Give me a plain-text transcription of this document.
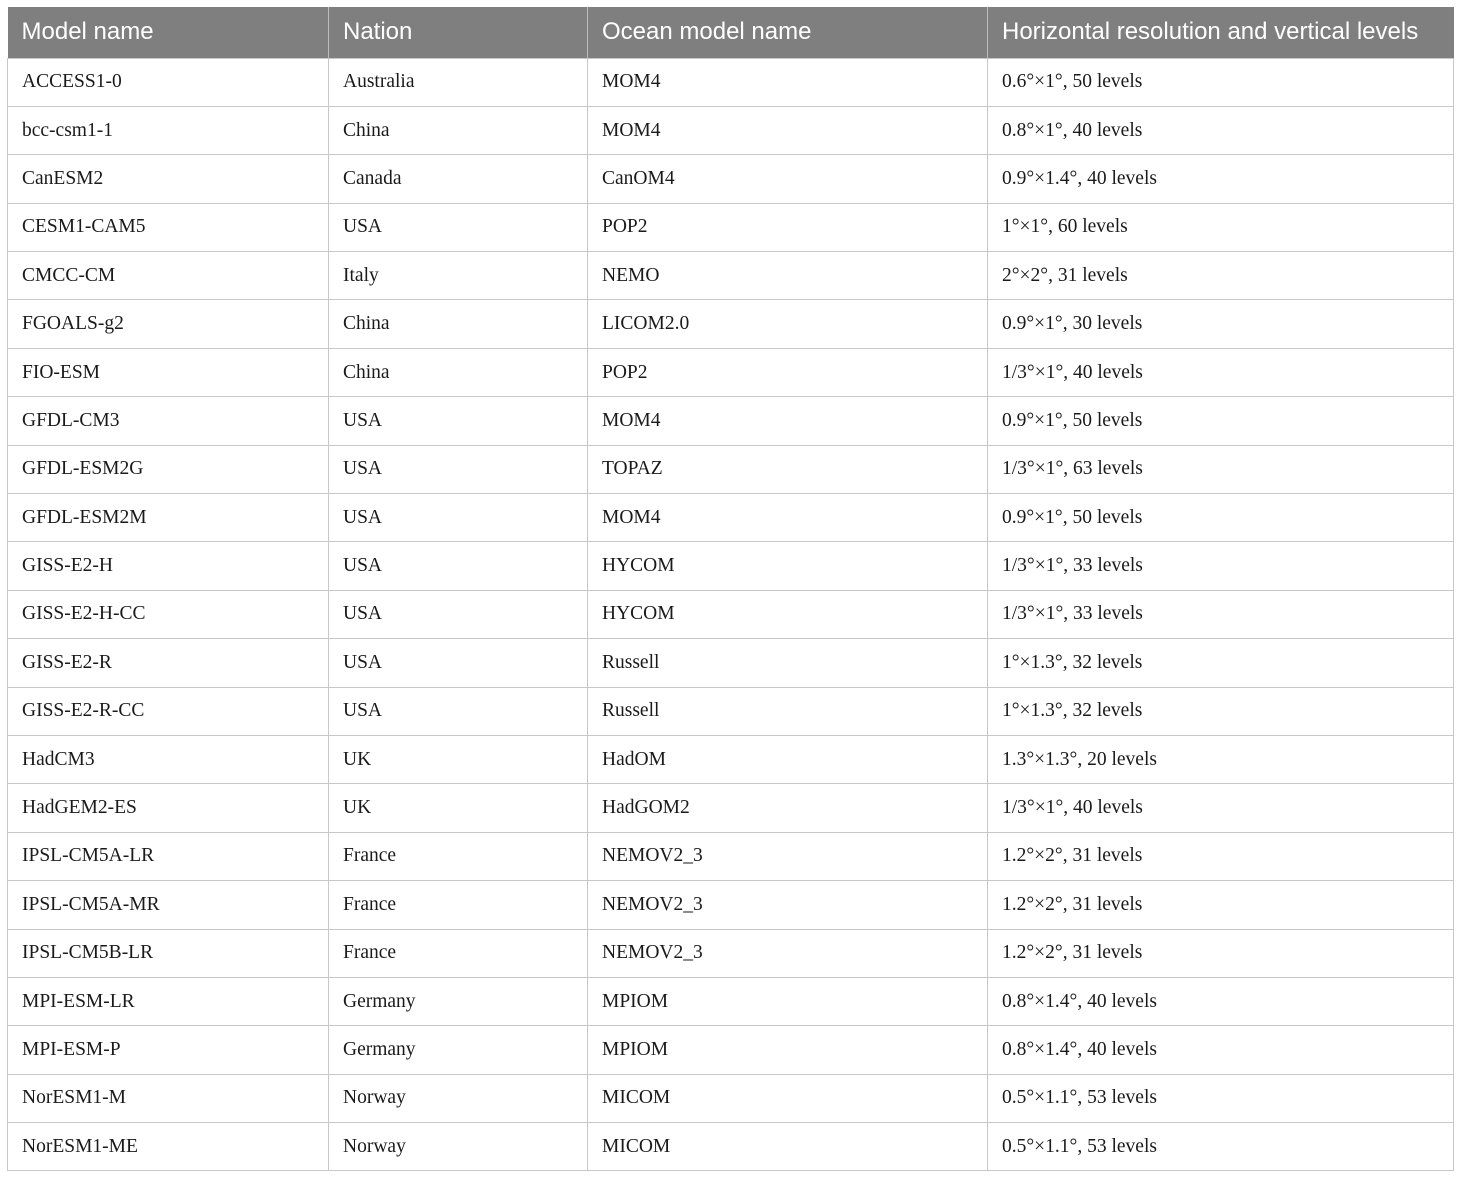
Model name	Nation	Ocean model name	Horizontal resolution and vertical levels
ACCESS1-0	Australia	MOM4	0.6°×1°, 50 levels
bcc-csm1-1	China	MOM4	0.8°×1°, 40 levels
CanESM2	Canada	CanOM4	0.9°×1.4°, 40 levels
CESM1-CAM5	USA	POP2	1°×1°, 60 levels
CMCC-CM	Italy	NEMO	2°×2°, 31 levels
FGOALS-g2	China	LICOM2.0	0.9°×1°, 30 levels
FIO-ESM	China	POP2	1/3°×1°, 40 levels
GFDL-CM3	USA	MOM4	0.9°×1°, 50 levels
GFDL-ESM2G	USA	TOPAZ	1/3°×1°, 63 levels
GFDL-ESM2M	USA	MOM4	0.9°×1°, 50 levels
GISS-E2-H	USA	HYCOM	1/3°×1°, 33 levels
GISS-E2-H-CC	USA	HYCOM	1/3°×1°, 33 levels
GISS-E2-R	USA	Russell	1°×1.3°, 32 levels
GISS-E2-R-CC	USA	Russell	1°×1.3°, 32 levels
HadCM3	UK	HadOM	1.3°×1.3°, 20 levels
HadGEM2-ES	UK	HadGOM2	1/3°×1°, 40 levels
IPSL-CM5A-LR	France	NEMOV2_3	1.2°×2°, 31 levels
IPSL-CM5A-MR	France	NEMOV2_3	1.2°×2°, 31 levels
IPSL-CM5B-LR	France	NEMOV2_3	1.2°×2°, 31 levels
MPI-ESM-LR	Germany	MPIOM	0.8°×1.4°, 40 levels
MPI-ESM-P	Germany	MPIOM	0.8°×1.4°, 40 levels
NorESM1-M	Norway	MICOM	0.5°×1.1°, 53 levels
NorESM1-ME	Norway	MICOM	0.5°×1.1°, 53 levels
